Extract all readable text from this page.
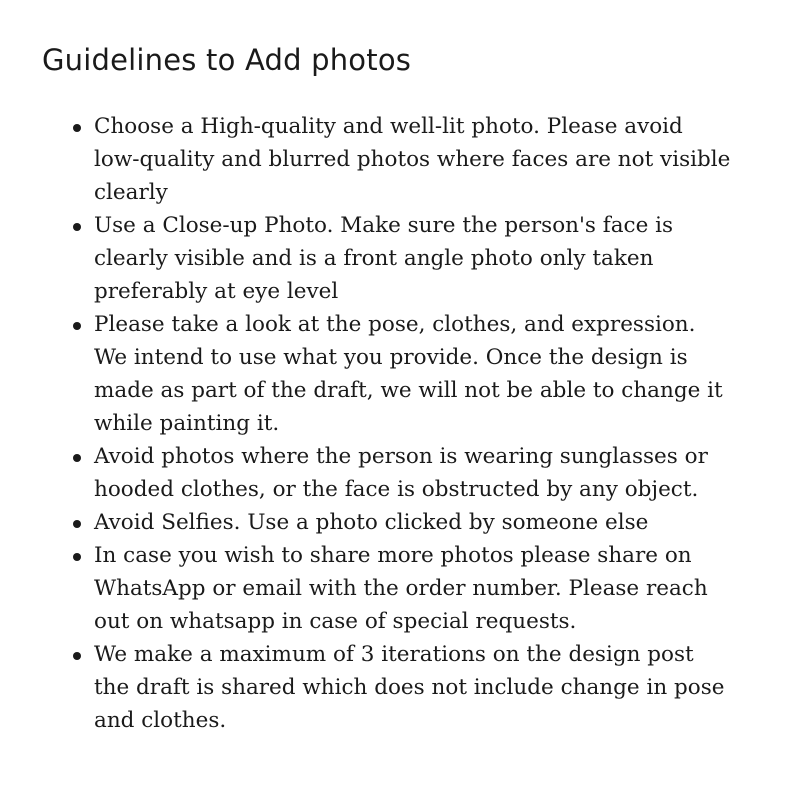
Guidelines to Add photos
Choose a High-quality and well-lit photo. Please avoid low-quality and blurred photos where faces are not visible clearly
Use a Close-up Photo. Make sure the person's face is clearly visible and is a front angle photo only taken preferably at eye level
Please take a look at the pose, clothes, and expression. We intend to use what you provide. Once the design is made as part of the draft, we will not be able to change it while painting it.
Avoid photos where the person is wearing sunglasses or hooded clothes, or the face is obstructed by any object.
Avoid Selfies. Use a photo clicked by someone else
In case you wish to share more photos please share on WhatsApp or email with the order number. Please reach out on whatsapp in case of special requests.
We make a maximum of 3 iterations on the design post the draft is shared which does not include change in pose and clothes.
